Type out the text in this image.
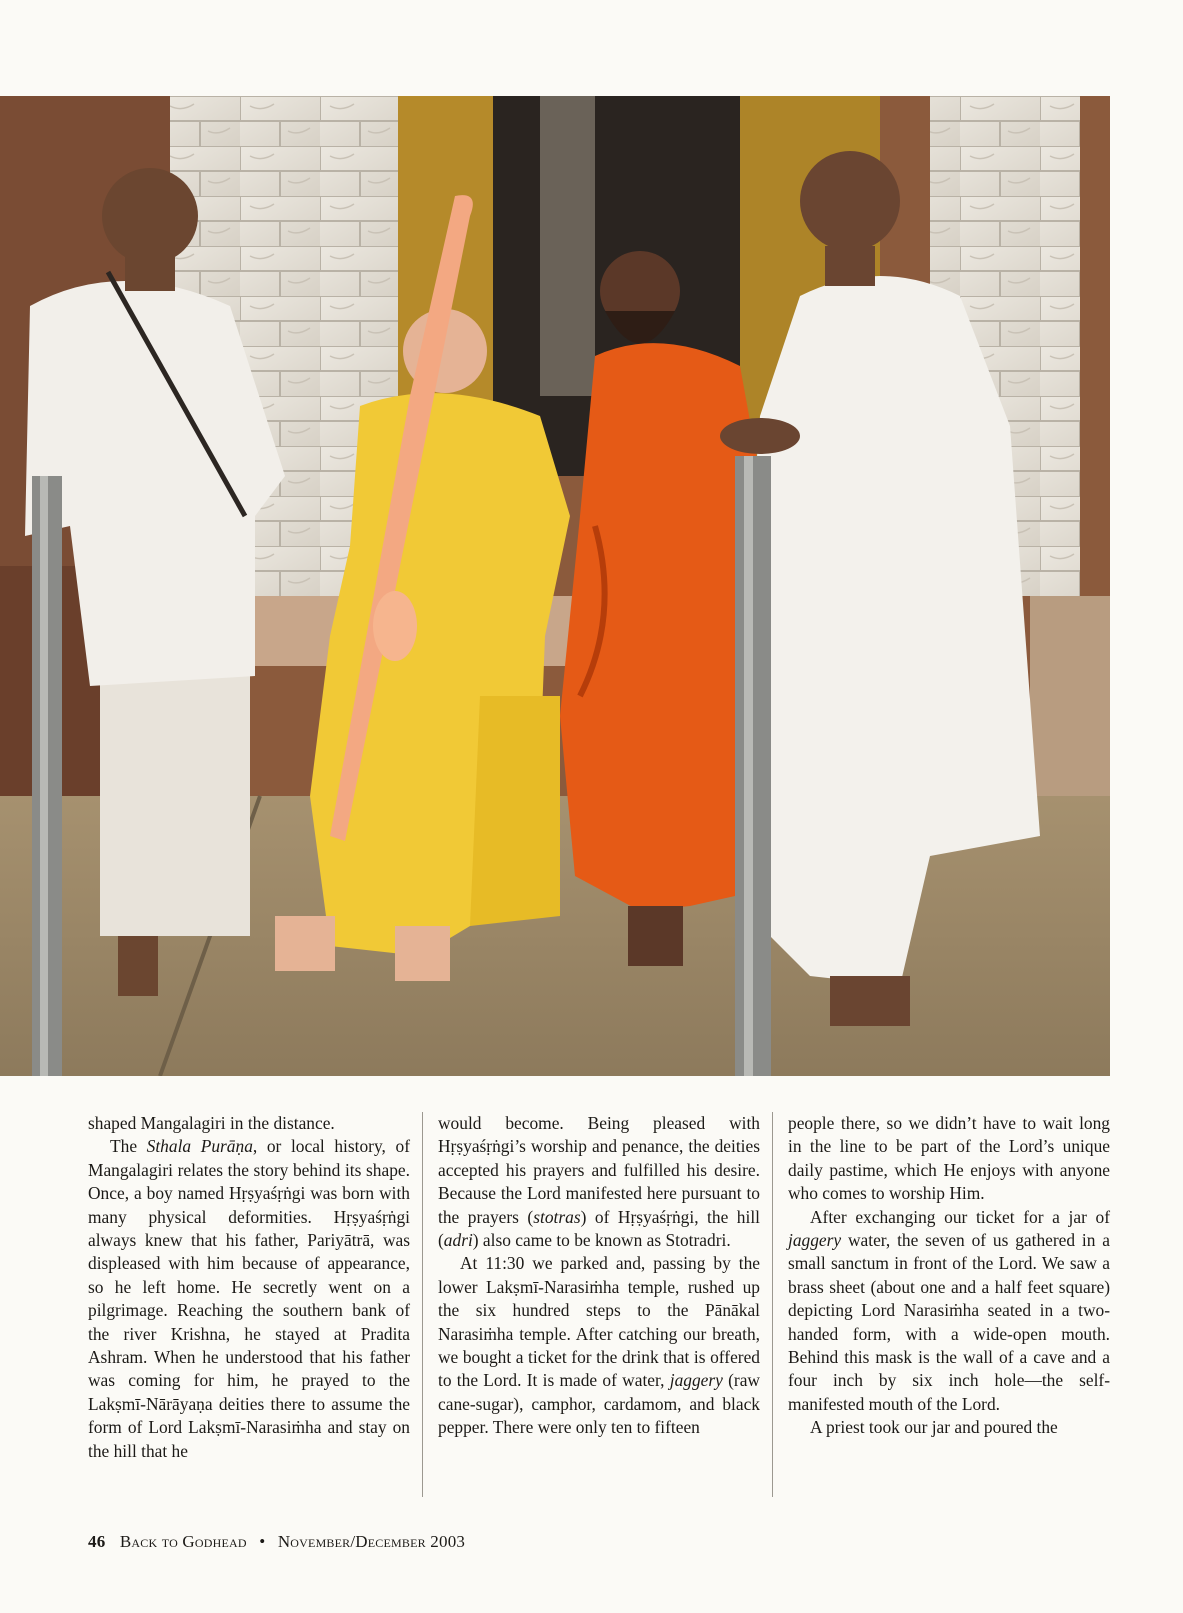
shaped Mangalagiri in the distance.

The Sthala Purāṇa, or local history, of Mangalagiri relates the story behind its shape. Once, a boy named Hṛṣyaśṛṅgi was born with many physical deformities. Hṛṣyaśṛṅgi always knew that his father, Pariyātrā, was displeased with him because of appearance, so he left home. He secretly went on a pilgrimage. Reaching the southern bank of the river Krishna, he stayed at Pradita Ashram. When he understood that his father was coming for him, he prayed to the Lakṣmī-Nārāyaṇa deities there to assume the form of Lord Lakṣmī-Narasiṁha and stay on the hill that he

would become. Being pleased with Hṛṣyaśṛṅgi’s worship and penance, the deities accepted his prayers and fulfilled his desire. Because the Lord manifested here pursuant to the prayers (stotras) of Hṛṣyaśṛṅgi, the hill (adri) also came to be known as Stotradri.

At 11:30 we parked and, passing by the lower Lakṣmī-Narasiṁha temple, rushed up the six hundred steps to the Pānākal Narasiṁha temple. After catching our breath, we bought a ticket for the drink that is offered to the Lord. It is made of water, jaggery (raw cane-sugar), camphor, cardamom, and black pepper. There were only ten to fifteen

people there, so we didn’t have to wait long in the line to be part of the Lord’s unique daily pastime, which He enjoys with anyone who comes to worship Him.

After exchanging our ticket for a jar of jaggery water, the seven of us gathered in a small sanctum in front of the Lord. We saw a brass sheet (about one and a half feet square) depicting Lord Narasiṁha seated in a two-handed form, with a wide-open mouth. Behind this mask is the wall of a cave and a four inch by six inch hole—the self-manifested mouth of the Lord.

A priest took our jar and poured the

46 Back to Godhead • November/December 2003
